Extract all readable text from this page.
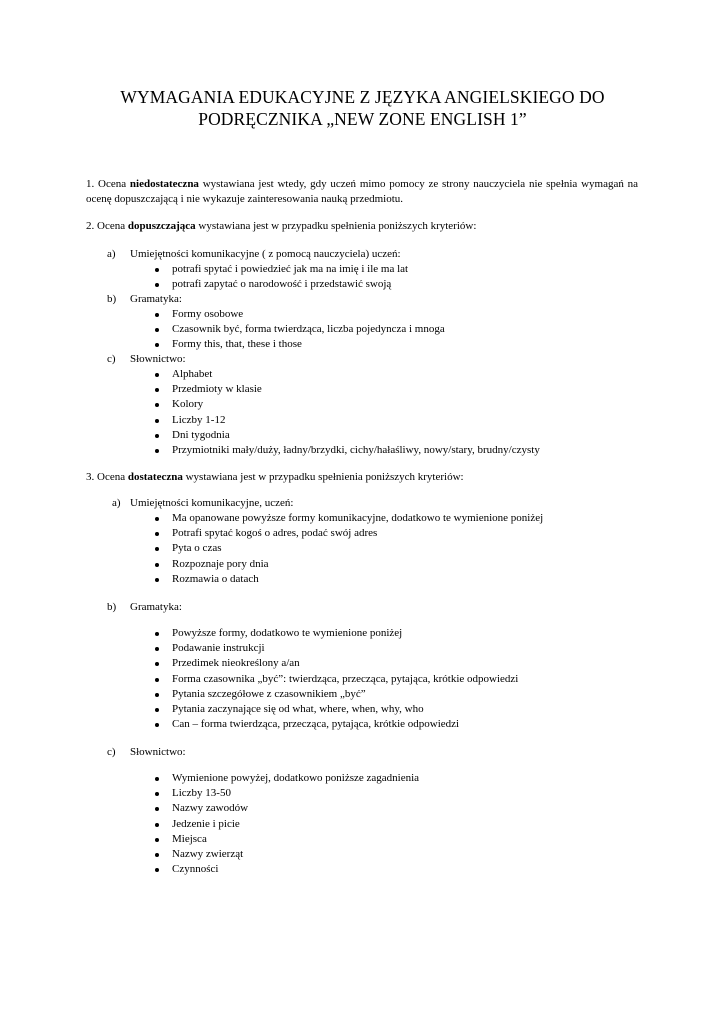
WYMAGANIA EDUKACYJNE Z JĘZYKA ANGIELSKIEGO DO
PODRĘCZNIKA „NEW ZONE ENGLISH 1”
1. Ocena niedostateczna wystawiana jest wtedy, gdy uczeń mimo pomocy ze strony nauczyciela nie spełnia wymagań na ocenę dopuszczającą i nie wykazuje zainteresowania nauką przedmiotu.
2. Ocena dopuszczająca wystawiana jest w przypadku spełnienia poniższych kryteriów:
a) Umiejętności komunikacyjne ( z pomocą nauczyciela) uczeń:
potrafi spytać i powiedzieć jak ma na imię i ile ma lat
potrafi zapytać o narodowość i przedstawić swoją
b) Gramatyka:
Formy osobowe
Czasownik być, forma twierdząca, liczba pojedyncza i mnoga
Formy this, that, these i those
c) Słownictwo:
Alphabet
Przedmioty w klasie
Kolory
Liczby 1-12
Dni tygodnia
Przymiotniki mały/duży, ładny/brzydki, cichy/hałaśliwy, nowy/stary, brudny/czysty
3. Ocena dostateczna wystawiana jest w przypadku spełnienia poniższych kryteriów:
a) Umiejętności komunikacyjne, uczeń:
Ma opanowane powyższe formy komunikacyjne, dodatkowo te wymienione poniżej
Potrafi spytać kogoś o adres, podać swój adres
Pyta o czas
Rozpoznaje pory dnia
Rozmawia o datach
b) Gramatyka:
Powyższe formy, dodatkowo te wymienione poniżej
Podawanie instrukcji
Przedimek nieokreślony a/an
Forma czasownika „być”: twierdząca, przecząca, pytająca, krótkie odpowiedzi
Pytania szczegółowe z czasownikiem „być”
Pytania zaczynające się od what, where, when, why, who
Can – forma twierdząca, przecząca, pytająca, krótkie odpowiedzi
c) Słownictwo:
Wymienione powyżej, dodatkowo poniższe zagadnienia
Liczby 13-50
Nazwy zawodów
Jedzenie i picie
Miejsca
Nazwy zwierząt
Czynności
